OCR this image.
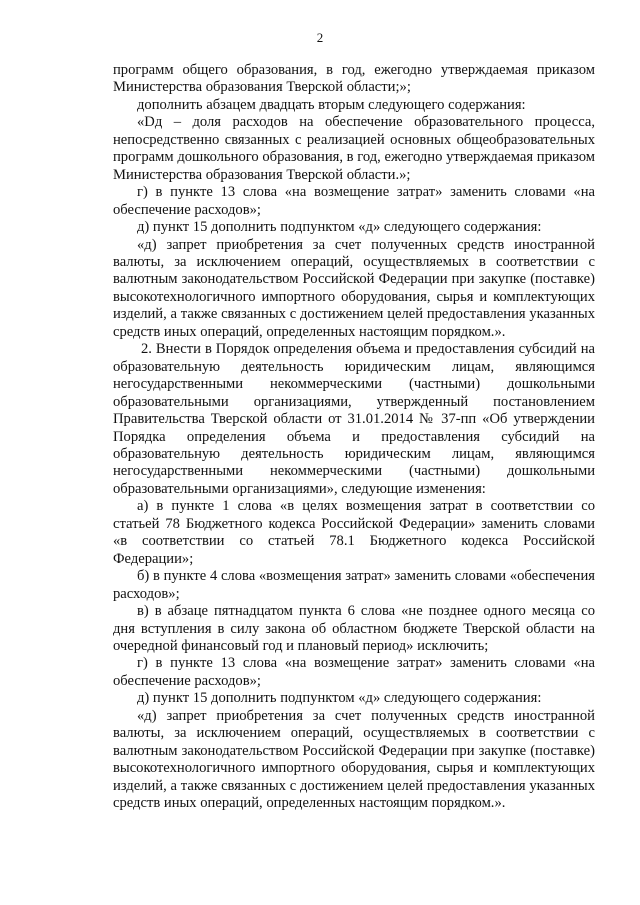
2

программ общего образования, в год, ежегодно утверждаемая приказом Министерства образования Тверской области;»;

дополнить абзацем двадцать вторым следующего содержания:

«Dд – доля расходов на обеспечение образовательного процесса, непосредственно связанных с реализацией основных общеобразовательных программ дошкольного образования, в год, ежегодно утверждаемая приказом Министерства образования Тверской области.»;

г) в пункте 13 слова «на возмещение затрат» заменить словами «на обеспечение расходов»;

д) пункт 15 дополнить подпунктом «д» следующего содержания:

«д) запрет приобретения за счет полученных средств иностранной валюты, за исключением операций, осуществляемых в соответствии с валютным законодательством Российской Федерации при закупке (поставке) высокотехнологичного импортного оборудования, сырья и комплектующих изделий, а также связанных с достижением целей предоставления указанных средств иных операций, определенных настоящим порядком.».

2. Внести в Порядок определения объема и предоставления субсидий на образовательную деятельность юридическим лицам, являющимся негосударственными некоммерческими (частными) дошкольными образовательными организациями, утвержденный постановлением Правительства Тверской области от 31.01.2014 № 37-пп «Об утверждении Порядка определения объема и предоставления субсидий на образовательную деятельность юридическим лицам, являющимся негосударственными некоммерческими (частными) дошкольными образовательными организациями», следующие изменения:

а) в пункте 1 слова «в целях возмещения затрат в соответствии со статьей 78 Бюджетного кодекса Российской Федерации» заменить словами «в соответствии со статьей 78.1 Бюджетного кодекса Российской Федерации»;

б) в пункте 4 слова «возмещения затрат» заменить словами «обеспечения расходов»;

в) в абзаце пятнадцатом пункта 6 слова «не позднее одного месяца со дня вступления в силу закона об областном бюджете Тверской области на очередной финансовый год и плановый период» исключить;

г) в пункте 13 слова «на возмещение затрат» заменить словами «на обеспечение расходов»;

д) пункт 15 дополнить подпунктом «д» следующего содержания:

«д) запрет приобретения за счет полученных средств иностранной валюты, за исключением операций, осуществляемых в соответствии с валютным законодательством Российской Федерации при закупке (поставке) высокотехнологичного импортного оборудования, сырья и комплектующих изделий, а также связанных с достижением целей предоставления указанных средств иных операций, определенных настоящим порядком.».
